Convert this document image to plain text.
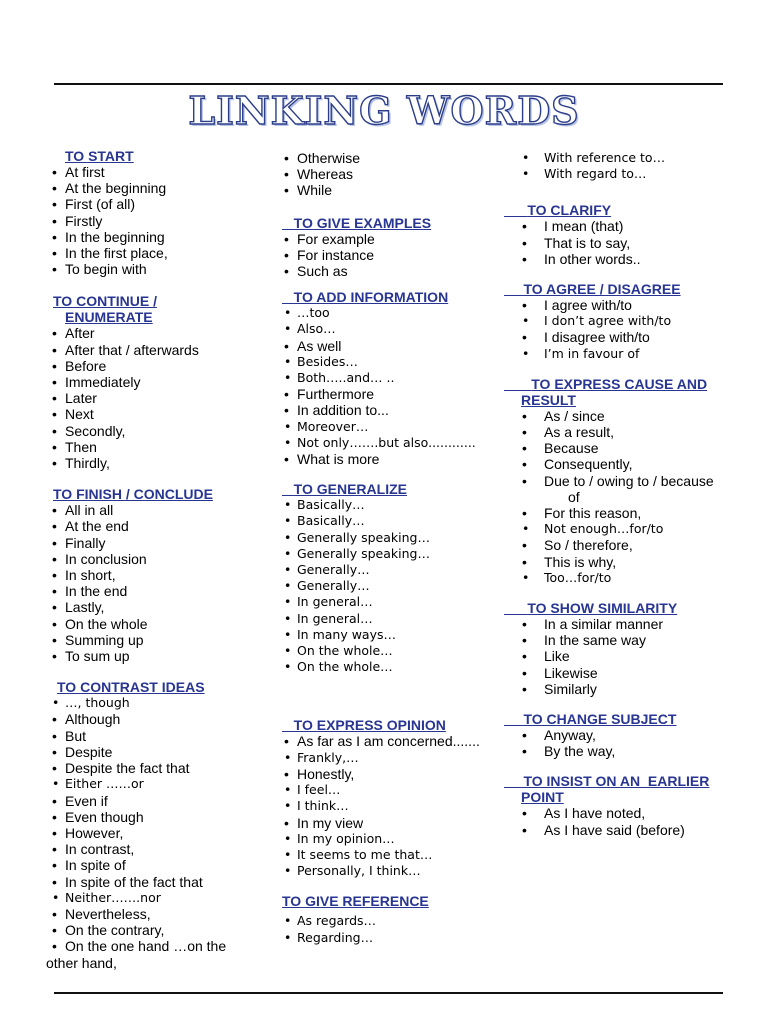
LINKING WORDS
TO START
• At first
• At the beginning
• First (of all)
• Firstly
• In the beginning
• In the first place,
• To begin with
TO CONTINUE /
ENUMERATE
• After
• After that / afterwards
• Before
• Immediately
• Later
• Next
• Secondly,
• Then
• Thirdly,
TO FINISH / CONCLUDE
• All in all
• At the end
• Finally
• In conclusion
• In short,
• In the end
• Lastly,
• On the whole
• Summing up
• To sum up
TO CONTRAST IDEAS
• …, though
• Although
• But
• Despite
• Despite the fact that
• Either ……or
• Even if
• Even though
• However,
• In contrast,
• In spite of
• In spite of the fact that
• Neither…….nor
• Nevertheless,
• On the contrary,
• On the one hand …on the
other hand,
• Otherwise
• Whereas
• While
TO GIVE EXAMPLES
• For example
• For instance
• Such as
TO ADD INFORMATION
• …too
• Also…
• As well
• Besides…
• Both…..and… ..
• Furthermore
• In addition to...
• Moreover…
• Not only…….but also............
• What is more
TO GENERALIZE
• Basically…
• Basically…
• Generally speaking…
• Generally speaking…
• Generally…
• Generally…
• In general…
• In general…
• In many ways…
• On the whole…
• On the whole…
TO EXPRESS OPINION
• As far as I am concerned.......
• Frankly,…
• Honestly,
• I feel…
• I think…
• In my view
• In my opinion…
• It seems to me that…
• Personally, I think…
TO GIVE REFERENCE
• As regards…
• Regarding…
• With reference to…
• With regard to…
TO CLARIFY
• I mean (that)
• That is to say,
• In other words..
TO AGREE / DISAGREE
• I agree with/to
• I don’t agree with/to
• I disagree with/to
• I’m in favour of
TO EXPRESS CAUSE AND
RESULT
• As / since
• As a result,
• Because
• Consequently,
• Due to / owing to / because
of
• For this reason,
• Not enough…for/to
• So / therefore,
• This is why,
• Too…for/to
TO SHOW SIMILARITY
• In a similar manner
• In the same way
• Like
• Likewise
• Similarly
TO CHANGE SUBJECT
• Anyway,
• By the way,
TO INSIST ON AN  EARLIER
POINT
• As I have noted,
• As I have said (before)
